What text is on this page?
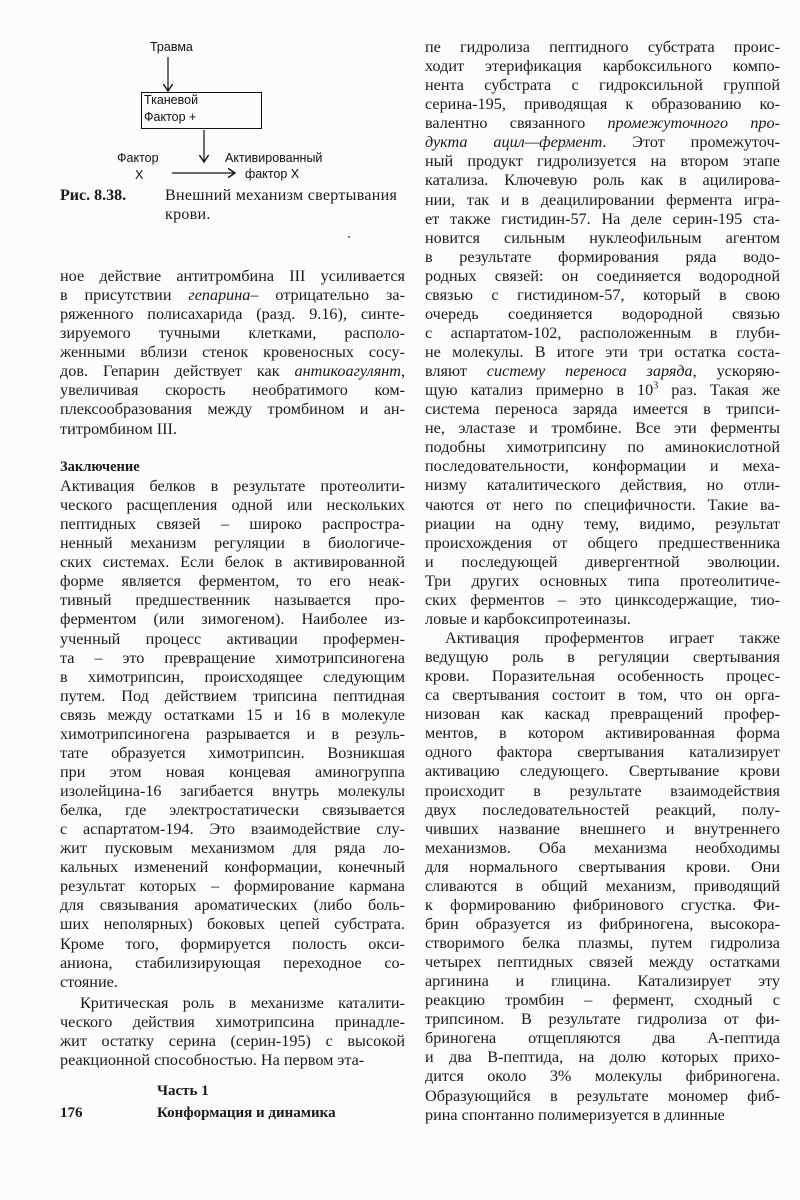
Травма
Тканевой
Фактор +
Фактор
X
Активированный
фактор X
Рис. 8.38. Внешний механизм свертывания крови.
ное действие антитромбина III усиливается
в присутствии гепарина– отрицательно за-
ряженного полисахарида (разд. 9.16), синте-
зируемого тучными клетками, располо-
женными вблизи стенок кровеносных сосу-
дов. Гепарин действует как антикоагулянт,
увеличивая скорость необратимого ком-
плексообразования между тромбином и ан-
титромбином III.
Заключение
Активация белков в результате протеолити-
ческого расщепления одной или нескольких
пептидных связей – широко распростра-
ненный механизм регуляции в биологиче-
ских системах. Если белок в активированной
форме является ферментом, то его неак-
тивный предшественник называется про-
ферментом (или зимогеном). Наиболее из-
ученный процесс активации профермен-
та – это превращение химотрипсиногена
в химотрипсин, происходящее следующим
путем. Под действием трипсина пептидная
связь между остатками 15 и 16 в молекуле
химотрипсиногена разрывается и в резуль-
тате образуется химотрипсин. Возникшая
при этом новая концевая аминогруппа
изолейцина-16 загибается внутрь молекулы
белка, где электростатически связывается
с аспартатом-194. Это взаимодействие слу-
жит пусковым механизмом для ряда ло-
кальных изменений конформации, конечный
результат которых – формирование кармана
для связывания ароматических (либо боль-
ших неполярных) боковых цепей субстрата.
Кроме того, формируется полость окси-
аниона, стабилизирующая переходное со-
стояние.
Критическая роль в механизме каталити-
ческого действия химотрипсина принадле-
жит остатку серина (серин-195) с высокой
реакционной способностью. На первом эта-
пе гидролиза пептидного субстрата проис-
ходит этерификация карбоксильного компо-
нента субстрата с гидроксильной группой
серина-195, приводящая к образованию ко-
валентно связанного промежуточного про-
дукта ацил—фермент. Этот промежуточ-
ный продукт гидролизуется на втором этапе
катализа. Ключевую роль как в ацилирова-
нии, так и в деацилировании фермента игра-
ет также гистидин-57. На деле серин-195 ста-
новится сильным нуклеофильным агентом
в результате формирования ряда водо-
родных связей: он соединяется водородной
связью с гистидином-57, который в свою
очередь соединяется водородной связью
с аспартатом-102, расположенным в глуби-
не молекулы. В итоге эти три остатка соста-
вляют систему переноса заряда, ускоряю-
щую катализ примерно в $10^3$ раз. Такая же
система переноса заряда имеется в трипси-
не, эластазе и тромбине. Все эти ферменты
подобны химотрипсину по аминокислотной
последовательности, конформации и меха-
низму каталитического действия, но отли-
чаются от него по специфичности. Такие ва-
риации на одну тему, видимо, результат
происхождения от общего предшественника
и последующей дивергентной эволюции.
Три других основных типа протеолитиче-
ских ферментов – это цинксодержащие, тио-
ловые и карбоксипротеиназы.
Активация проферментов играет также
ведущую роль в регуляции свертывания
крови. Поразительная особенность процес-
са свертывания состоит в том, что он орга-
низован как каскад превращений профер-
ментов, в котором активированная форма
одного фактора свертывания катализирует
активацию следующего. Свертывание крови
происходит в результате взаимодействия
двух последовательностей реакций, полу-
чивших название внешнего и внутреннего
механизмов. Оба механизма необходимы
для нормального свертывания крови. Они
сливаются в общий механизм, приводящий
к формированию фибринового сгустка. Фи-
брин образуется из фибриногена, высокора-
створимого белка плазмы, путем гидролиза
четырех пептидных связей между остатками
аргинина и глицина. Катализирует эту
реакцию тромбин – фермент, сходный с
трипсином. В результате гидролиза от фи-
бриногена отщепляются два А-пептида
и два В-пептида, на долю которых прихо-
дится около 3% молекулы фибриногена.
Образующийся в результате мономер фиб-
рина спонтанно полимеризуется в длинные
Часть 1
176	Конформация и динамика
